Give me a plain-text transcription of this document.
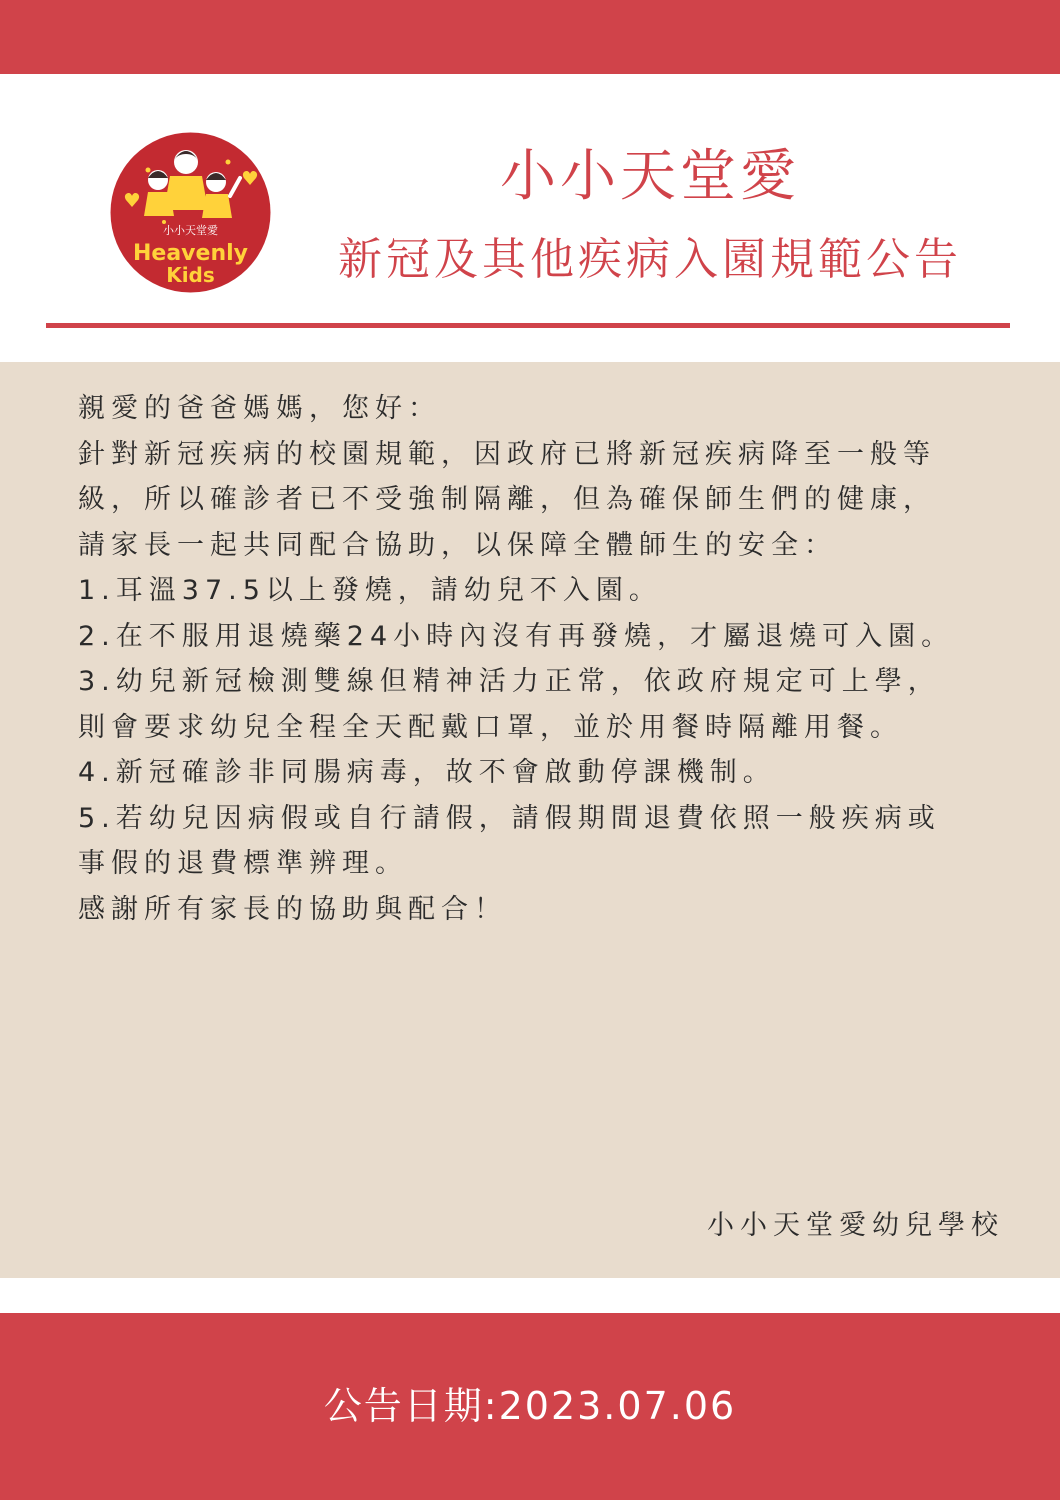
小小天堂愛
Heavenly
Kids
小小天堂愛
新冠及其他疾病入園規範公告

親愛的爸爸媽媽，您好：

針對新冠疾病的校園規範，因政府已將新冠疾病降至一般等

級，所以確診者已不受強制隔離，但為確保師生們的健康，

請家長一起共同配合協助，以保障全體師生的安全：

1.耳溫37.5以上發燒，請幼兒不入園。

2.在不服用退燒藥24小時內沒有再發燒，才屬退燒可入園。

3.幼兒新冠檢測雙線但精神活力正常，依政府規定可上學，

則會要求幼兒全程全天配戴口罩，並於用餐時隔離用餐。

4.新冠確診非同腸病毒，故不會啟動停課機制。

5.若幼兒因病假或自行請假，請假期間退費依照一般疾病或

事假的退費標準辨理。

感謝所有家長的協助與配合！

小小天堂愛幼兒學校
公告日期:2023.07.06
